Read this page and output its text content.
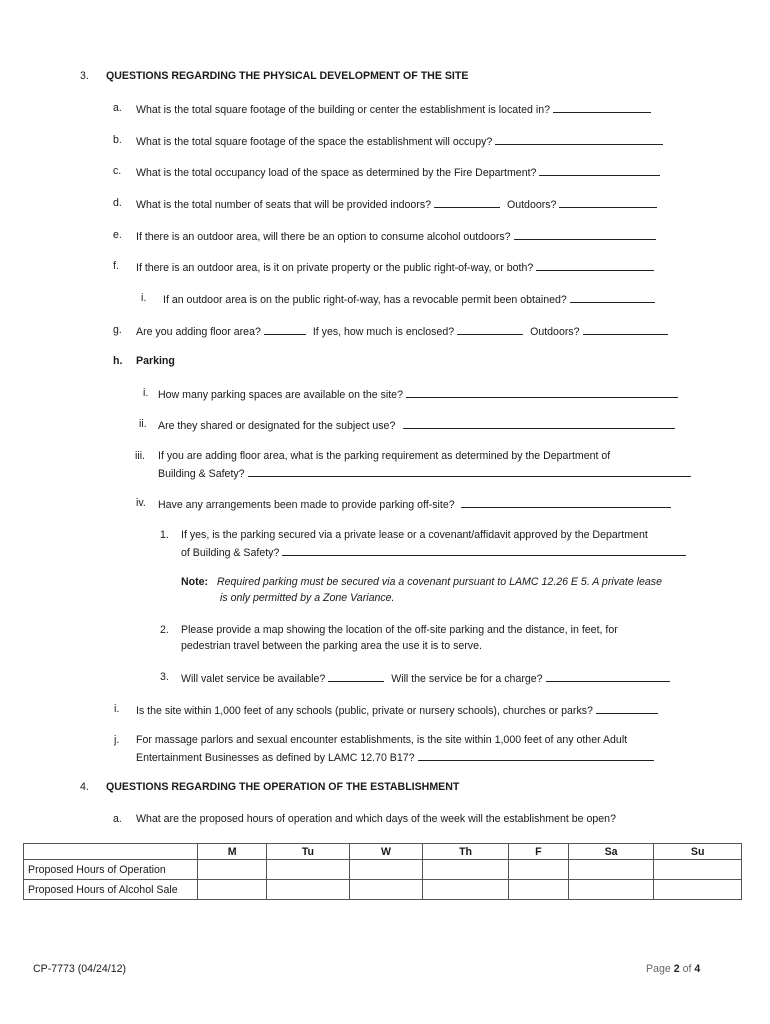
3. QUESTIONS REGARDING THE PHYSICAL DEVELOPMENT OF THE SITE
a. What is the total square footage of the building or center the establishment is located in?
b. What is the total square footage of the space the establishment will occupy?
c. What is the total occupancy load of the space as determined by the Fire Department?
d. What is the total number of seats that will be provided indoors?	Outdoors?
e. If there is an outdoor area, will there be an option to consume alcohol outdoors?
f. If there is an outdoor area, is it on private property or the public right-of-way, or both?
i. If an outdoor area is on the public right-of-way, has a revocable permit been obtained?
g. Are you adding floor area?	If yes, how much is enclosed?	Outdoors?
h. Parking
i. How many parking spaces are available on the site?
ii. Are they shared or designated for the subject use?
iii. If you are adding floor area, what is the parking requirement as determined by the Department of
Building & Safety?
iv. Have any arrangements been made to provide parking off-site?
1. If yes, is the parking secured via a private lease or a covenant/affidavit approved by the Department
of Building & Safety?
Note: Required parking must be secured via a covenant pursuant to LAMC 12.26 E 5. A private lease
is only permitted by a Zone Variance.
2. Please provide a map showing the location of the off-site parking and the distance, in feet, for
pedestrian travel between the parking area the use it is to serve.
3. Will valet service be available?	Will the service be for a charge?
i. Is the site within 1,000 feet of any schools (public, private or nursery schools), churches or parks?
j. For massage parlors and sexual encounter establishments, is the site within 1,000 feet of any other Adult
Entertainment Businesses as defined by LAMC 12.70 B17?
4. QUESTIONS REGARDING THE OPERATION OF THE ESTABLISHMENT
a. What are the proposed hours of operation and which days of the week will the establishment be open?
	M	Tu	W	Th	F	Sa	Su
Proposed Hours of Operation							
Proposed Hours of Alcohol Sale							
CP-7773 (04/24/12)	Page 2 of 4
